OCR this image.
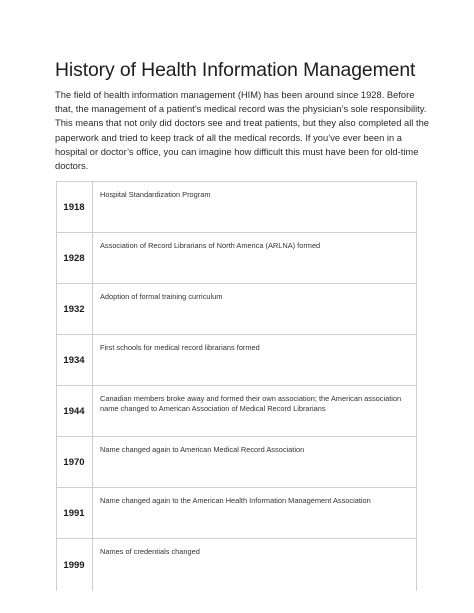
History of Health Information Management

The field of health information management (HIM) has been around since 1928. Before that, the management of a patient’s medical record was the physician’s sole responsibility. This means that not only did doctors see and treat patients, but they also completed all the paperwork and tried to keep track of all the medical records. If you’ve ever been in a hospital or doctor’s office, you can imagine how difficult this must have been for old-time doctors.

1918	Hospital Standardization Program
1928	Association of Record Librarians of North America (ARLNA) formed
1932	Adoption of formal training curriculum
1934	First schools for medical record librarians formed
1944	Canadian members broke away and formed their own association; the American association name changed to American Association of Medical Record Librarians
1970	Name changed again to American Medical Record Association
1991	Name changed again to the American Health Information Management Association
1999	Names of credentials changed
